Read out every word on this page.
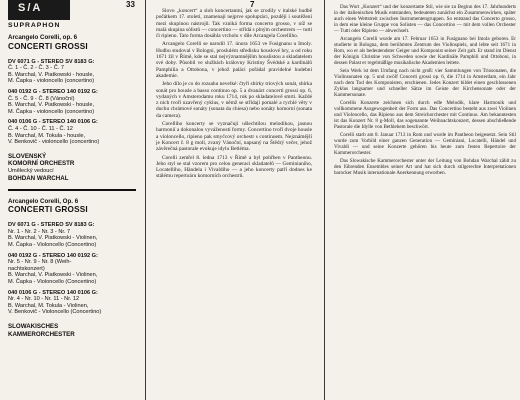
S/A
SUPRAPHON
33	7

Arcangelo Corelli, op. 6

CONCERTI GROSSI

DV 6071 G - STEREO SV 8183 G:

Č. 1 - Č. 2 - Č. 3 - Č. 7

B. Warchal, V. Piatkowski - housle,

M. Čapka - violoncello (concertino)

040 0192 G - STEREO 140 0192 G:

Č. 5 - Č. 9 - Č. 8 (Vánoční)

B. Warchal, V. Piatkowski - housle,

M. Čapka - violoncello (concertino)

040 0106 G - STEREO 140 0106 G:

Č. 4 - Č. 10 - Č. 11 - Č. 12

B. Warchal, M. Tokula - housle,

V. Benkovič - violoncello (concertino)

SLOVENSKÝ

KOMORNÍ ORCHESTR

Umělecký vedoucí

BOHDAN WARCHAL

Arcangelo Corelli, Op. 6

CONCERTI GROSSI

DV 6071 G - STEREO SV 8183 G:

Nr. 1 - Nr. 2 - Nr. 3 - Nr. 7

B. Warchal, V. Piatkowski - Violinen,

M. Čapka - Violoncello (Concertino)

040 0192 G - STEREO 140 0192 G:

Nr. 5 - Nr. 9 - Nr. 8 (Weih-

nachtskonzert)

B. Warchal, V. Piatkowski - Violinen,

M. Čapka - Violoncello (Concertino)

040 0106 G - STEREO 140 0106 G:

Nr. 4 - Nr. 10 - Nr. 11 - Nr. 12

B. Warchal, M. Tokula - Violinen,

V. Benkovič - Violoncello (Concertino)

SLOWAKISCHES

KAMMERORCHESTER

Slovo „koncert“ a sloh koncertantní, jak se zrodily v italské hudbě počátkem 17. století, znamenají nejprve spolupráci, později i soutěžení mezi skupinou nástrojů. Tak vzniká forma concerto grosso, v níž se malá skupina sólistů — concertino — střídá s plným orchestrem — tutti či ripieno. Tato forma dosáhla vrcholu v díle Arcangela Corelliho.

Arcangelo Corelli se narodil 17. února 1653 ve Fusignanu u Imoly. Hudbu studoval v Bologni, proslulém středisku houslové hry, a od roku 1671 žil v Římě, kde se stal nejvýznamnějším houslistou a skladatelem své doby. Působil ve službách královny Kristiny Švédské a kardinálů Pamphilia a Ottobona, v jehož paláci pořádal pravidelné hudební akademie.

Jeho dílo je co do rozsahu nevelké: čtyři sbírky triových sonát, sbírka sonát pro housle a basso continuo op. 5 a dvanáct concerti grossi op. 6, vydaných v Amsterodamu roku 1714, rok po skladatelově smrti. Každé z nich tvoří uzavřený cyklus, v němž se střídají pomalé a rychlé věty v duchu chrámové sonáty (sonata da chiesa) nebo sonáty komorní (sonata da camera).

Corelliho koncerty se vyznačují ušlechtilou melodikou, jasnou harmonií a dokonalou vyvážeností formy. Concertino tvoří dvoje housle a violoncello, ripieno pak smyčcový orchestr s continuem. Nejznámější je Koncert č. 8 g moll, zvaný Vánoční, napsaný na Štědrý večer, jehož závěrečná pastorale evokuje idylu Betléma.

Corelli zemřel 8. ledna 1713 v Římě a byl pohřben v Pantheonu. Jeho styl se stal vzorem pro celou generaci skladatelů — Geminianiho, Locatelliho, Händela i Vivaldiho — a jeho koncerty patří dodnes ke stálému repertoáru komorních orchestrů.

Das Wort „Konzert“ und der konzertante Stil, wie sie zu Beginn des 17. Jahrhunderts in der italienischen Musik entstanden, bedeuteten zunächst ein Zusammenwirken, später auch einen Wettstreit zwischen Instrumentengruppen. So entstand das Concerto grosso, in dem eine kleine Gruppe von Solisten — das Concertino — mit dem vollen Orchester — Tutti oder Ripieno — abwechselt.

Arcangelo Corelli wurde am 17. Februar 1653 in Fusignano bei Imola geboren. Er studierte in Bologna, dem berühmten Zentrum des Violinspiels, und lebte seit 1671 in Rom, wo er als bedeutendster Geiger und Komponist seiner Zeit galt. Er stand im Dienst der Königin Christine von Schweden sowie der Kardinäle Pamphili und Ottoboni, in dessen Palast er regelmäßige musikalische Akademien leitete.

Sein Werk ist dem Umfang nach nicht groß: vier Sammlungen von Triosonaten, die Violinsonaten op. 5 und zwölf Concerti grossi op. 6, die 1714 in Amsterdam, ein Jahr nach dem Tod des Komponisten, erschienen. Jedes Konzert bildet einen geschlossenen Zyklus langsamer und schneller Sätze im Geiste der Kirchensonate oder der Kammersonate.

Corellis Konzerte zeichnen sich durch edle Melodik, klare Harmonik und vollkommene Ausgewogenheit der Form aus. Das Concertino besteht aus zwei Violinen und Violoncello, das Ripieno aus dem Streichorchester mit Continuo. Am bekanntesten ist das Konzert Nr. 8 g-Moll, das sogenannte Weihnachtskonzert, dessen abschließende Pastorale die Idylle von Bethlehem beschwört.

Corelli starb am 8. Januar 1713 in Rom und wurde im Pantheon beigesetzt. Sein Stil wurde zum Vorbild einer ganzen Generation — Geminiani, Locatelli, Händel und Vivaldi — und seine Konzerte gehören bis heute zum festen Repertoire der Kammerorchester.

Das Slowakische Kammerorchester unter der Leitung von Bohdan Warchal zählt zu den führenden Ensembles seiner Art und hat sich durch stilgerechte Interpretationen barocker Musik internationale Anerkennung erworben.
